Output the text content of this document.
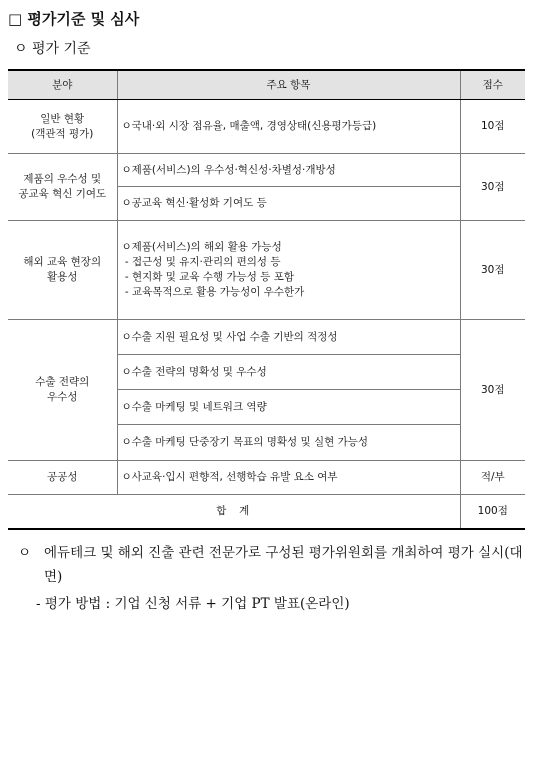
□ 평가기준 및 심사
ㅇ 평가 기준
분야	주요 항목	점수

일반 현황
(객관적 평가)	ㅇ국내·외 시장 점유율, 매출액, 경영상태(신용평가등급)	10점

제품의 우수성 및
공교육 혁신 기여도	ㅇ제품(서비스)의 우수성·혁신성·차별성·개방성	30점

	ㅇ공교육 혁신·활성화 기여도 등	

해외 교육 현장의
활용성	ㅇ제품(서비스)의 해외 활용 가능성
- 접근성 및 유지·관리의 편의성 등
- 현지화 및 교육 수행 가능성 등 포함
- 교육목적으로 활용 가능성이 우수한가	30점

수출 전략의
우수성	ㅇ수출 지원 필요성 및 사업 수출 기반의 적정성	30점

	ㅇ수출 전략의 명확성 및 우수성	

	ㅇ수출 마케팅 및 네트워크 역량	

	ㅇ수출 마케팅 단중장기 목표의 명확성 및 실현 가능성	

공공성	ㅇ사교육·입시 편향적, 선행학습 유발 요소 여부	적/부
합  계		100점
ㅇ 에듀테크 및 해외 진출 관련 전문가로 구성된 평가위원회를 개최하여 평가 실시(대면)
- 평가 방법 : 기업 신청 서류 + 기업 PT 발표(온라인)
